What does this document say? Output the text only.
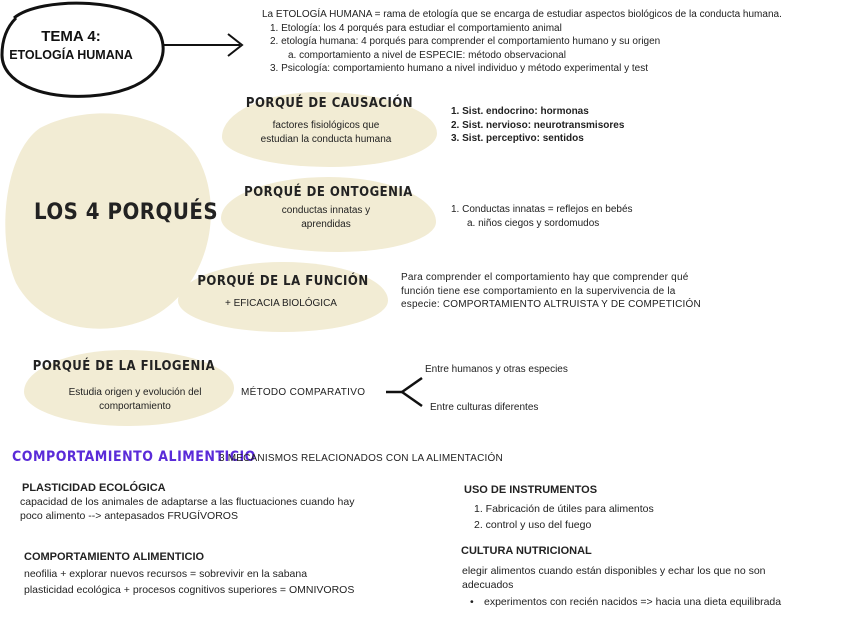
TEMA 4:
ETOLOGÍA HUMANA
La ETOLOGÍA HUMANA = rama de etología que se encarga de estudiar aspectos biológicos de la conducta humana.
1. Etología: los 4 porqués para estudiar el comportamiento animal
2. etología humana: 4 porqués para comprender el comportamiento humano y su origen
a. comportamiento a nivel de ESPECIE: método observacional
3. Psicología: comportamiento humano a nivel individuo y método experimental y test
LOS 4 PORQUÉS
PORQUÉ DE CAUSACIÓN
factores fisiológicos que estudian la conducta humana
1. Sist. endocrino: hormonas
2. Sist. nervioso: neurotransmisores
3. Sist. perceptivo: sentidos
PORQUÉ DE ONTOGENIA
conductas innatas y aprendidas
1. Conductas innatas = reflejos en bebés
a. niños ciegos y sordomudos
PORQUÉ DE LA FUNCIÓN
+ EFICACIA BIOLÓGICA
Para comprender el comportamiento hay que comprender qué función tiene ese comportamiento en la supervivencia de la especie: COMPORTAMIENTO ALTRUISTA Y DE COMPETICIÓN
PORQUÉ DE LA FILOGENIA
Estudia origen y evolución del comportamiento
MÉTODO COMPARATIVO
Entre humanos y otras especies
Entre culturas diferentes
COMPORTAMIENTO ALIMENTICIO
3 MECANISMOS RELACIONADOS CON LA ALIMENTACIÓN
PLASTICIDAD ECOLÓGICA
capacidad de los animales de adaptarse a las fluctuaciones cuando hay poco alimento --> antepasados FRUGÍVOROS
COMPORTAMIENTO ALIMENTICIO
neofilia + explorar nuevos recursos = sobrevivir en la sabana
plasticidad ecológica + procesos cognitivos superiores = OMNIVOROS
USO DE INSTRUMENTOS
1. Fabricación de útiles para alimentos
2. control y uso del fuego
CULTURA NUTRICIONAL
elegir alimentos cuando están disponibles y echar los que no son adecuados
• experimentos con recién nacidos => hacia una dieta equilibrada
